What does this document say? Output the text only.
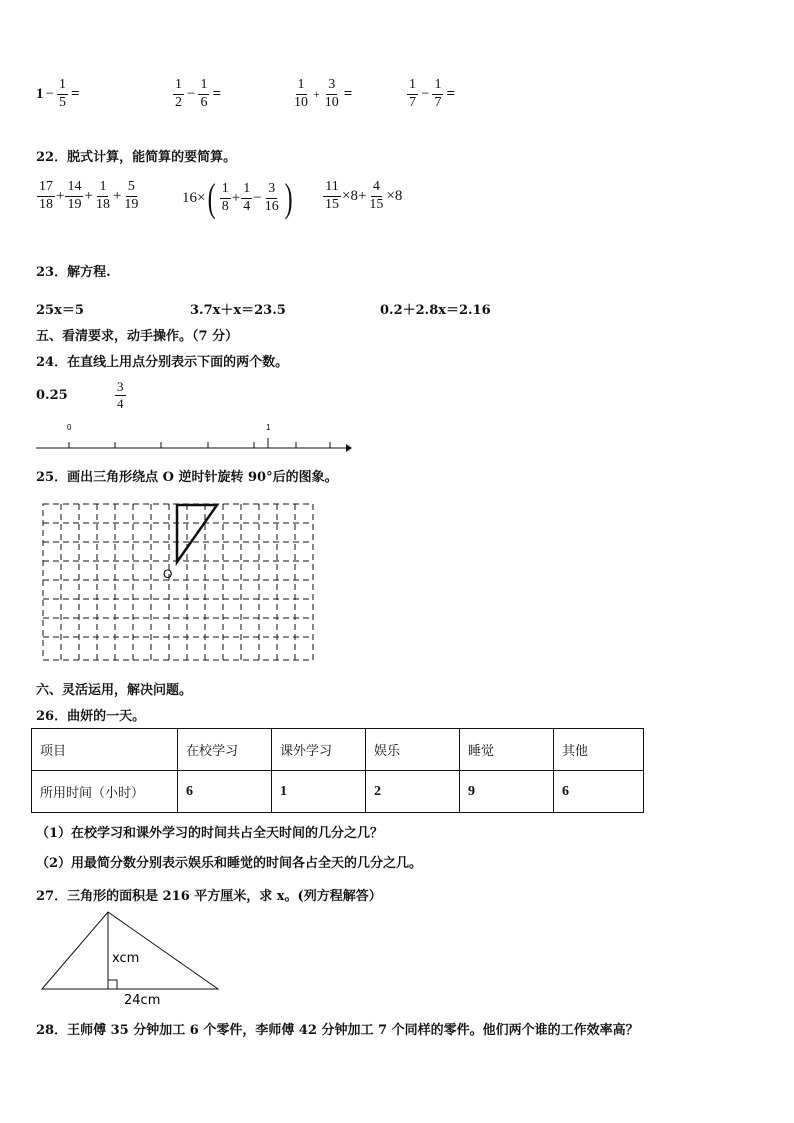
$1 - \frac{1}{5}$ =	$\frac{1}{2} - \frac{1}{6}$ =	$\frac{1}{10} + \frac{3}{10}$ =	$\frac{1}{7} - \frac{1}{7}$ =
22．脱式计算，能简算的要简算。
$\frac{17}{18} + \frac{14}{19} + \frac{1}{18} + \frac{5}{19}$	16× ( $\frac{1}{8} + \frac{1}{4} - \frac{3}{16}$ ) $\frac{11}{15} \times 8+ \frac{4}{15} \times 8$
23．解方程.
25x＝5	3.7x＋x＝23.5	0.2＋2.8x＝2.16
五、看清要求，动手操作。（7 分）
24．在直线上用点分别表示下面的两个数。
0.25	$\frac{3}{4}$
0	1
25．画出三角形绕点 O 逆时针旋转 90°后的图象。
O
六、灵活运用，解决问题。
26．曲妍的一天。
项目	在校学习	课外学习	娱乐	睡觉	其他
所用时间（小时）	6	1	2	9	6
（1）在校学习和课外学习的时间共占全天时间的几分之几？
（2）用最简分数分别表示娱乐和睡觉的时间各占全天的几分之几。
27．三角形的面积是 216 平方厘米，求 x。(列方程解答）
xcm
24cm
28．王师傅 35 分钟加工 6 个零件，李师傅 42 分钟加工 7 个同样的零件。他们两个谁的工作效率高？
